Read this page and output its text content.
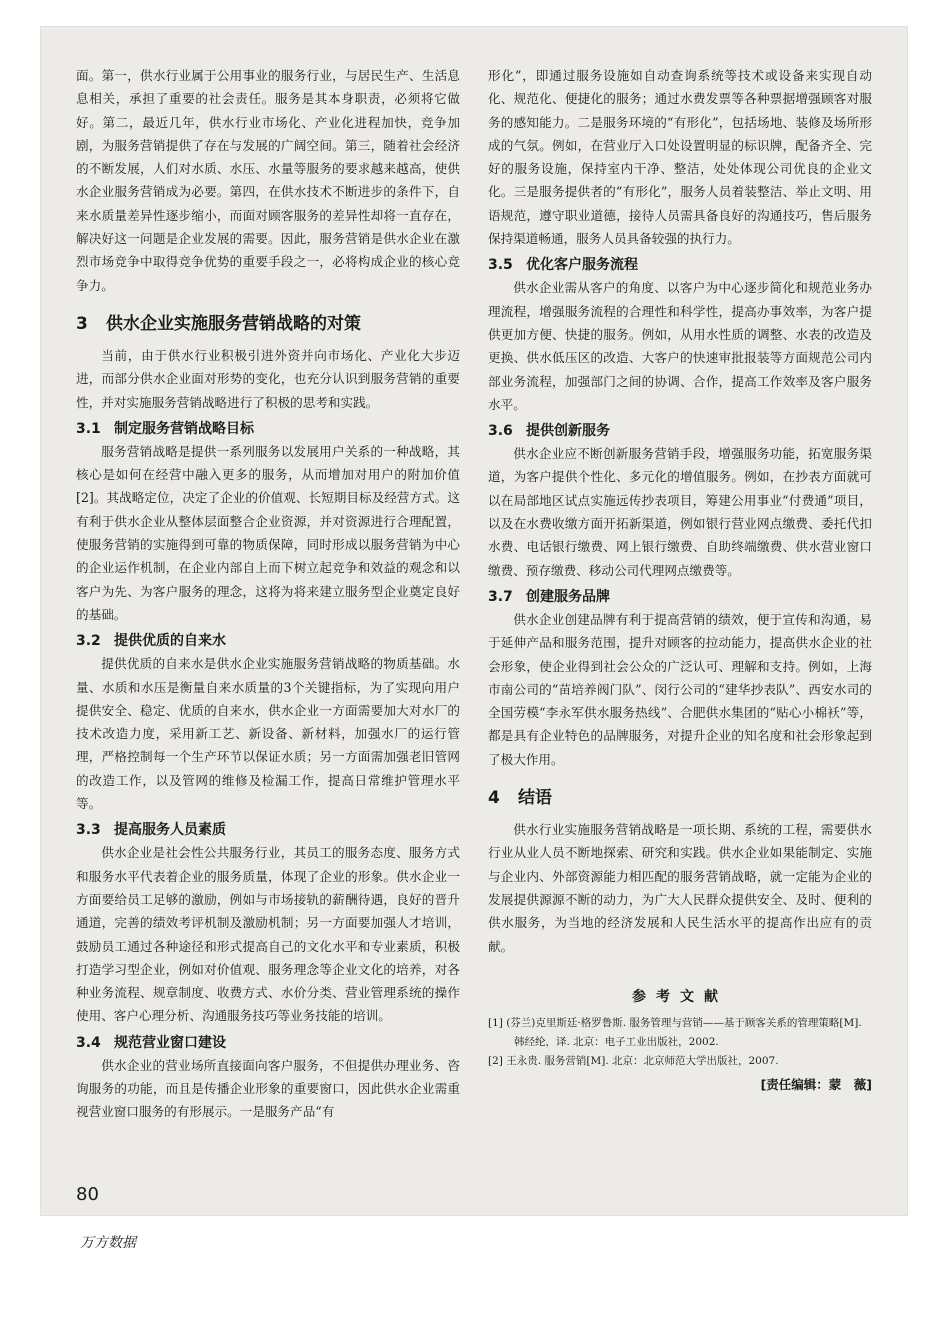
面。第一，供水行业属于公用事业的服务行业，与居民生产、生活息息相关，承担了重要的社会责任。服务是其本身职责，必须将它做好。第二，最近几年，供水行业市场化、产业化进程加快，竞争加剧，为服务营销提供了存在与发展的广阔空间。第三，随着社会经济的不断发展，人们对水质、水压、水量等服务的要求越来越高，使供水企业服务营销成为必要。第四，在供水技术不断进步的条件下，自来水质量差异性逐步缩小，而面对顾客服务的差异性却将一直存在，解决好这一问题是企业发展的需要。因此，服务营销是供水企业在激烈市场竞争中取得竞争优势的重要手段之一，必将构成企业的核心竞争力。

3 供水企业实施服务营销战略的对策

当前，由于供水行业积极引进外资并向市场化、产业化大步迈进，而部分供水企业面对形势的变化，也充分认识到服务营销的重要性，并对实施服务营销战略进行了积极的思考和实践。

3.1 制定服务营销战略目标

服务营销战略是提供一系列服务以发展用户关系的一种战略，其核心是如何在经营中融入更多的服务，从而增加对用户的附加价值[2]。其战略定位，决定了企业的价值观、长短期目标及经营方式。这有利于供水企业从整体层面整合企业资源，并对资源进行合理配置，使服务营销的实施得到可靠的物质保障，同时形成以服务营销为中心的企业运作机制，在企业内部自上而下树立起竞争和效益的观念和以客户为先、为客户服务的理念，这将为将来建立服务型企业奠定良好的基础。

3.2 提供优质的自来水

提供优质的自来水是供水企业实施服务营销战略的物质基础。水量、水质和水压是衡量自来水质量的3个关键指标，为了实现向用户提供安全、稳定、优质的自来水，供水企业一方面需要加大对水厂的技术改造力度，采用新工艺、新设备、新材料，加强水厂的运行管理，严格控制每一个生产环节以保证水质；另一方面需加强老旧管网的改造工作，以及管网的维修及检漏工作，提高日常维护管理水平等。

3.3 提高服务人员素质

供水企业是社会性公共服务行业，其员工的服务态度、服务方式和服务水平代表着企业的服务质量，体现了企业的形象。供水企业一方面要给员工足够的激励，例如与市场接轨的薪酬待遇，良好的晋升通道，完善的绩效考评机制及激励机制；另一方面要加强人才培训，鼓励员工通过各种途径和形式提高自己的文化水平和专业素质，积极打造学习型企业，例如对价值观、服务理念等企业文化的培养，对各种业务流程、规章制度、收费方式、水价分类、营业管理系统的操作使用、客户心理分析、沟通服务技巧等业务技能的培训。

3.4 规范营业窗口建设

供水企业的营业场所直接面向客户服务，不但提供办理业务、咨询服务的功能，而且是传播企业形象的重要窗口，因此供水企业需重视营业窗口服务的有形展示。一是服务产品“有

形化”，即通过服务设施如自动查询系统等技术或设备来实现自动化、规范化、便捷化的服务；通过水费发票等各种票据增强顾客对服务的感知能力。二是服务环境的“有形化”，包括场地、装修及场所形成的气氛。例如，在营业厅入口处设置明显的标识牌，配备齐全、完好的服务设施，保持室内干净、整洁，处处体现公司优良的企业文化。三是服务提供者的“有形化”，服务人员着装整洁、举止文明、用语规范，遵守职业道德，接待人员需具备良好的沟通技巧，售后服务保持渠道畅通，服务人员具备较强的执行力。

3.5 优化客户服务流程

供水企业需从客户的角度、以客户为中心逐步简化和规范业务办理流程，增强服务流程的合理性和科学性，提高办事效率，为客户提供更加方便、快捷的服务。例如，从用水性质的调整、水表的改造及更换、供水低压区的改造、大客户的快速审批报装等方面规范公司内部业务流程，加强部门之间的协调、合作，提高工作效率及客户服务水平。

3.6 提供创新服务

供水企业应不断创新服务营销手段，增强服务功能，拓宽服务渠道，为客户提供个性化、多元化的增值服务。例如，在抄表方面就可以在局部地区试点实施远传抄表项目，筹建公用事业“付费通”项目，以及在水费收缴方面开拓新渠道，例如银行营业网点缴费、委托代扣水费、电话银行缴费、网上银行缴费、自助终端缴费、供水营业窗口缴费、预存缴费、移动公司代理网点缴费等。

3.7 创建服务品牌

供水企业创建品牌有利于提高营销的绩效，便于宣传和沟通，易于延伸产品和服务范围，提升对顾客的拉动能力，提高供水企业的社会形象，使企业得到社会公众的广泛认可、理解和支持。例如，上海市南公司的“苗培养阀门队”、闵行公司的“建华抄表队”、西安水司的全国劳模“李永军供水服务热线”、合肥供水集团的“贴心小棉袄”等，都是具有企业特色的品牌服务，对提升企业的知名度和社会形象起到了极大作用。

4 结语

供水行业实施服务营销战略是一项长期、系统的工程，需要供水行业从业人员不断地探索、研究和实践。供水企业如果能制定、实施与企业内、外部资源能力相匹配的服务营销战略，就一定能为企业的发展提供源源不断的动力，为广大人民群众提供安全、及时、便利的供水服务，为当地的经济发展和人民生活水平的提高作出应有的贡献。

参考文献

[1] (芬兰)克里斯廷·格罗鲁斯. 服务管理与营销——基于顾客关系的管理策略[M]. 韩经纶，译. 北京：电子工业出版社，2002.

[2] 王永贵. 服务营销[M]. 北京：北京师范大学出版社，2007.

[责任编辑：蒙　薇]
80
万方数据
